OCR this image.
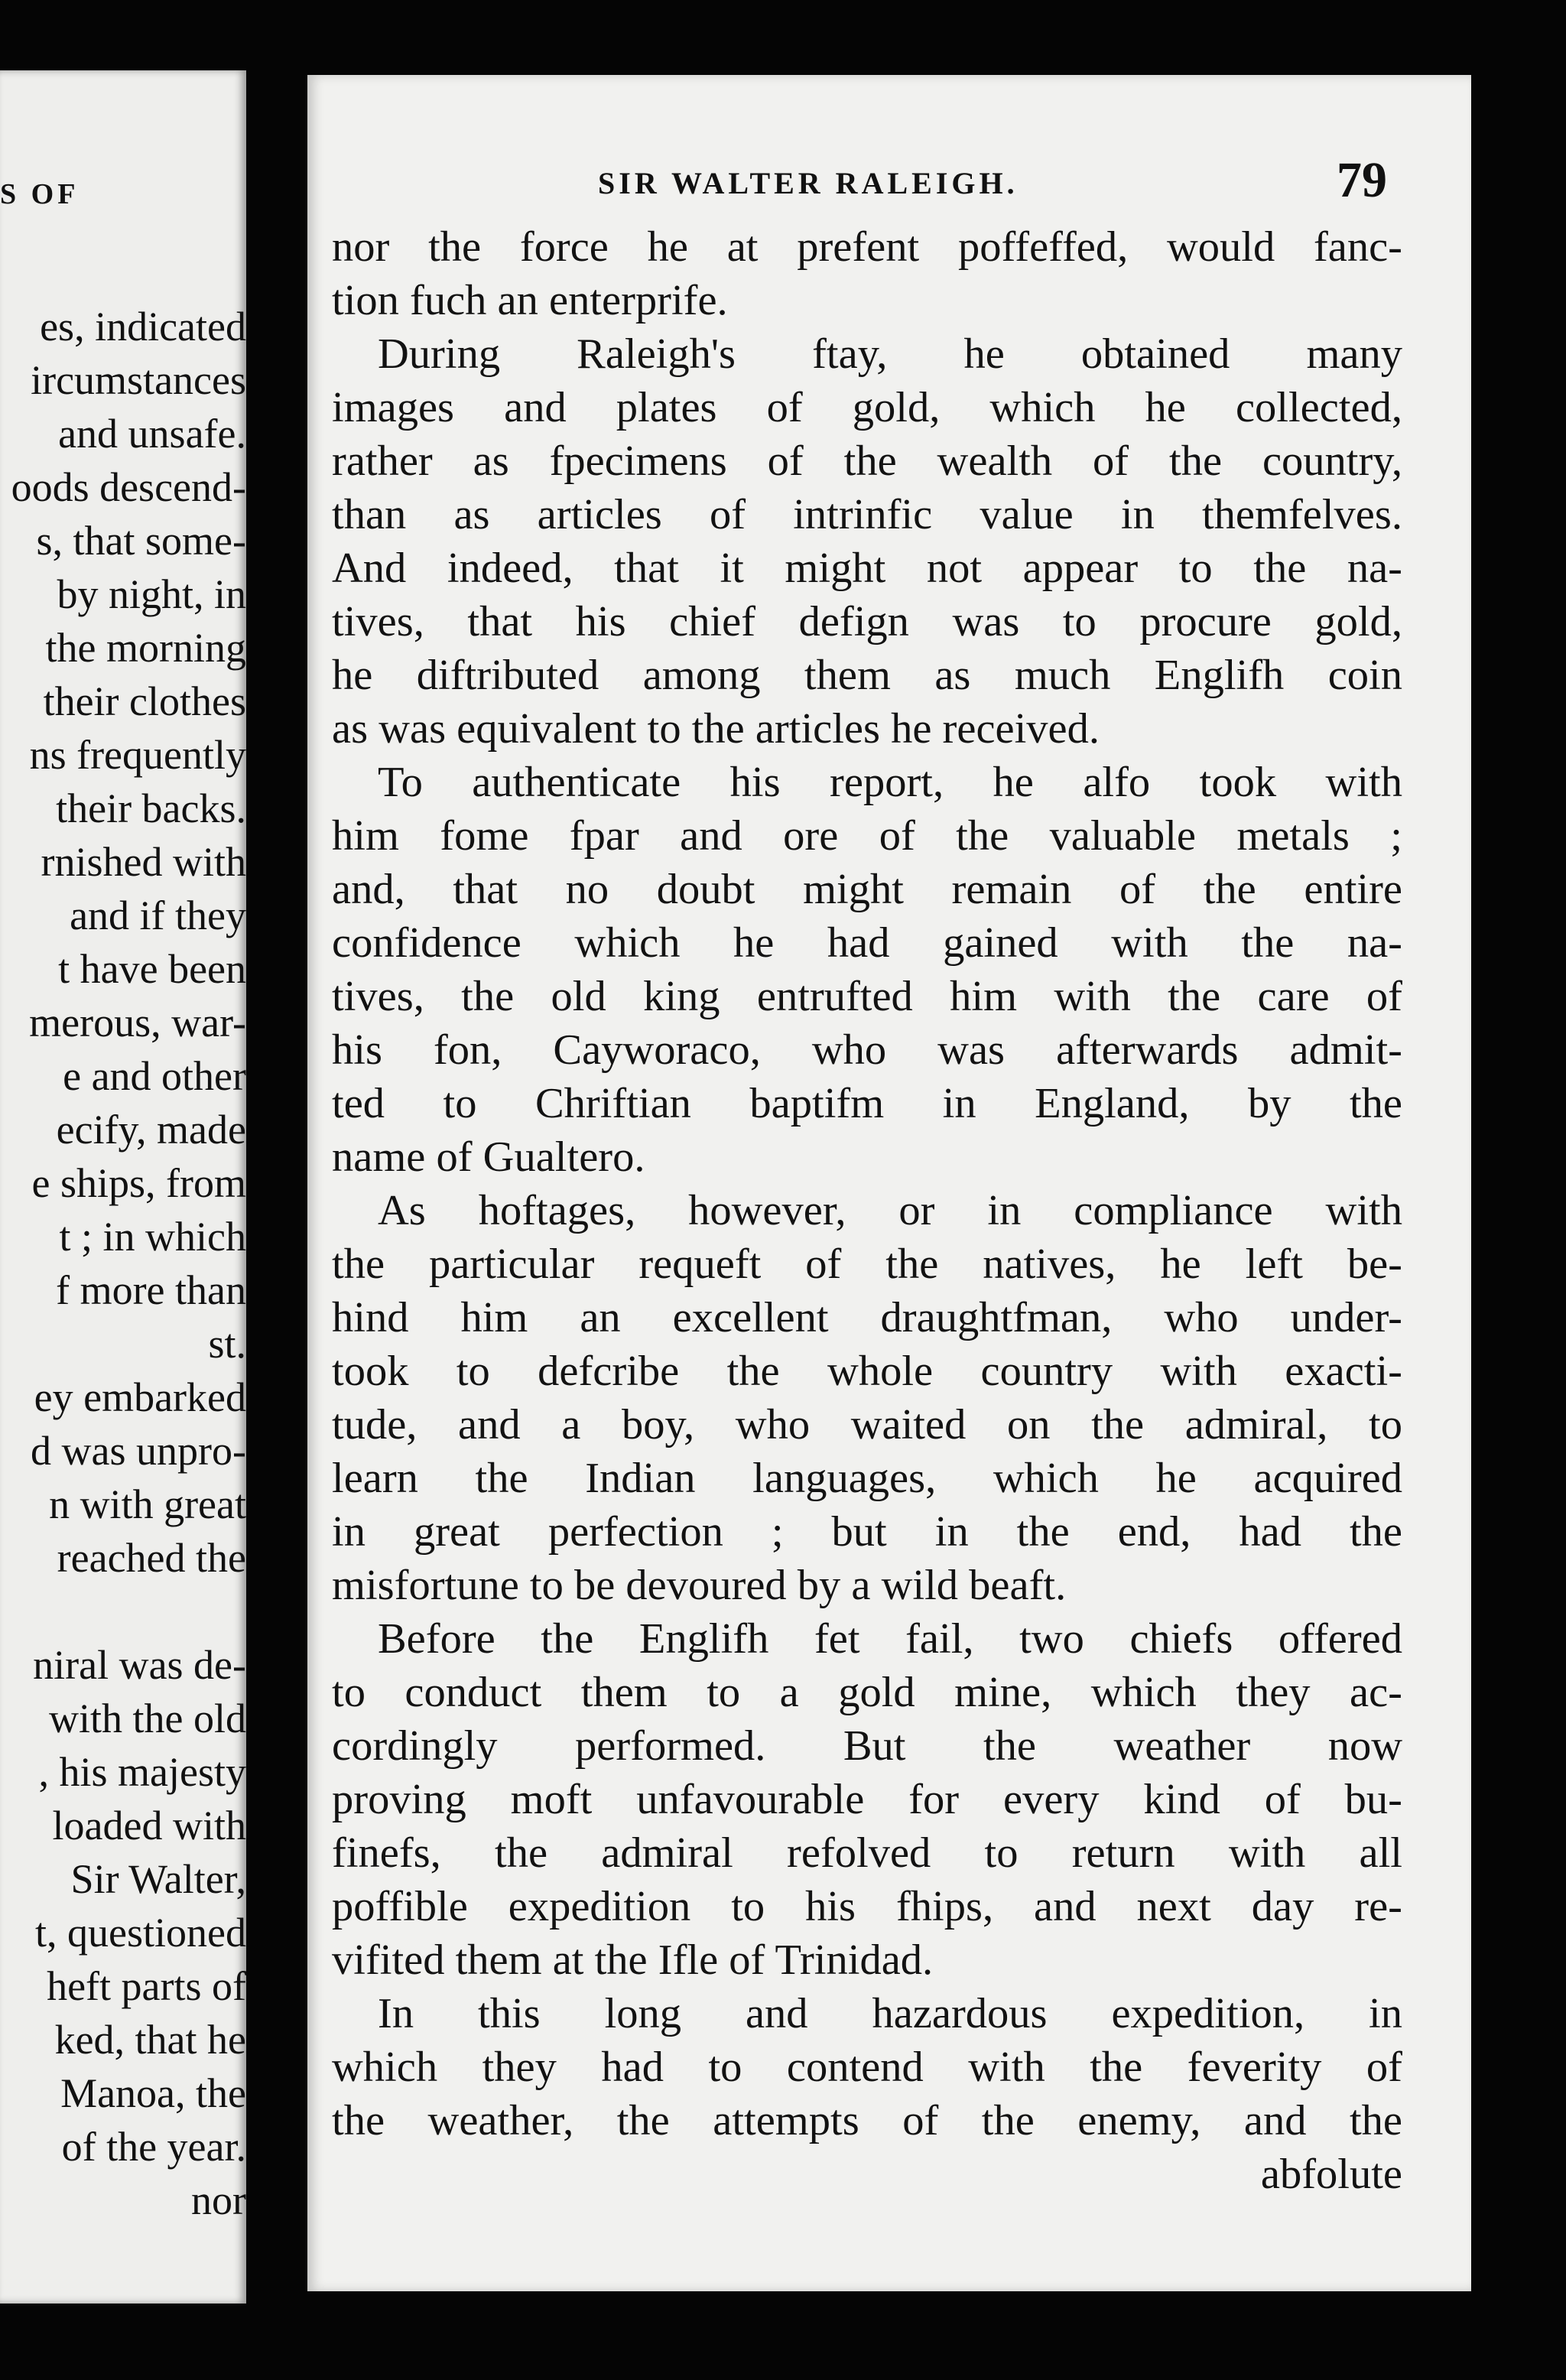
S OF
es, indicated
ircumstances
and unsafe.
oods descend-
s, that some-
by night, in
the morning
their clothes
ns frequently
their backs.
rnished with
and if they
t have been
merous, war-
e and other
ecify, made
e ships, from
t ; in which
f more than
st.
ey embarked
d was unpro-
n with great
reached the
niral was de-
with the old
, his majesty
loaded with
Sir Walter,
t, questioned
heft parts of
ked, that he
Manoa, the
of the year.
nor
SIR WALTER RALEIGH.	79
nor the force he at prefent poffeffed, would fanc-
tion fuch an enterprife.
During Raleigh's ftay, he obtained many
images and plates of gold, which he collected,
rather as fpecimens of the wealth of the country,
than as articles of intrinfic value in themfelves.
And indeed, that it might not appear to the na-
tives, that his chief defign was to procure gold,
he diftributed among them as much Englifh coin
as was equivalent to the articles he received.
To authenticate his report, he alfo took with
him fome fpar and ore of the valuable metals ;
and, that no doubt might remain of the entire
confidence which he had gained with the na-
tives, the old king entrufted him with the care of
his fon, Cayworaco, who was afterwards admit-
ted to Chriftian baptifm in England, by the
name of Gualtero.
As hoftages, however, or in compliance with
the particular requeft of the natives, he left be-
hind him an excellent draughtfman, who under-
took to defcribe the whole country with exacti-
tude, and a boy, who waited on the admiral, to
learn the Indian languages, which he acquired
in great perfection ; but in the end, had the
misfortune to be devoured by a wild beaft.
Before the Englifh fet fail, two chiefs offered
to conduct them to a gold mine, which they ac-
cordingly performed. But the weather now
proving moft unfavourable for every kind of bu-
finefs, the admiral refolved to return with all
poffible expedition to his fhips, and next day re-
vifited them at the Ifle of Trinidad.
In this long and hazardous expedition, in
which they had to contend with the feverity of
the weather, the attempts of the enemy, and the
abfolute
